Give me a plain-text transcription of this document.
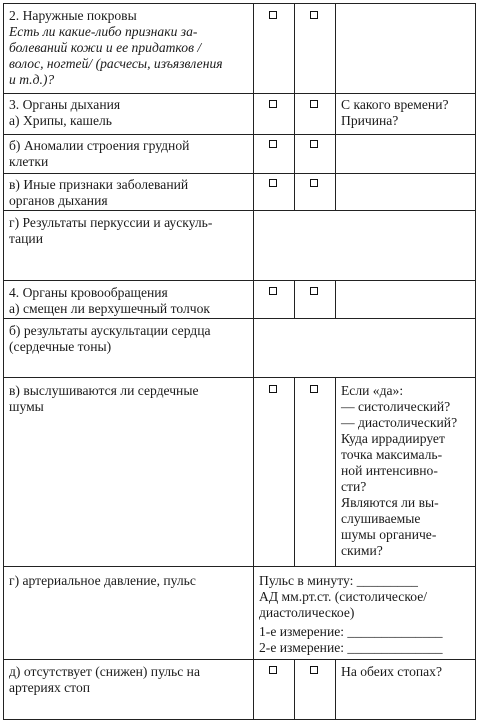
2. Наружные покровы
Есть ли какие-либо признаки за-
болеваний кожи и ее придатков /
волос, ногтей/ (расчесы, изъязвления
и т.д.)?
3. Органы дыхания
а) Хрипы, кашель
С какого времени?
Причина?
б) Аномалии строения грудной
клетки
в) Иные признаки заболеваний
органов дыхания
г) Результаты перкуссии и аускуль-
тации
4. Органы кровообращения
а) смещен ли верхушечный толчок
б) результаты аускультации сердца
(сердечные тоны)
в) выслушиваются ли сердечные
шумы
Если «да»:
— систолический?
— диастолический?
Куда иррадиирует
точка максималь-
ной интенсивно-
сти?
Являются ли вы-
слушиваемые
шумы органиче-
скими?
г) артериальное давление, пульс	Пульс в минуту: _________
АД мм.рт.ст. (систолическое/
диастолическое)
1-е измерение: ______________
2-е измерение: ______________
д) отсутствует (снижен) пульс на
артериях стоп
На обеих стопах?
